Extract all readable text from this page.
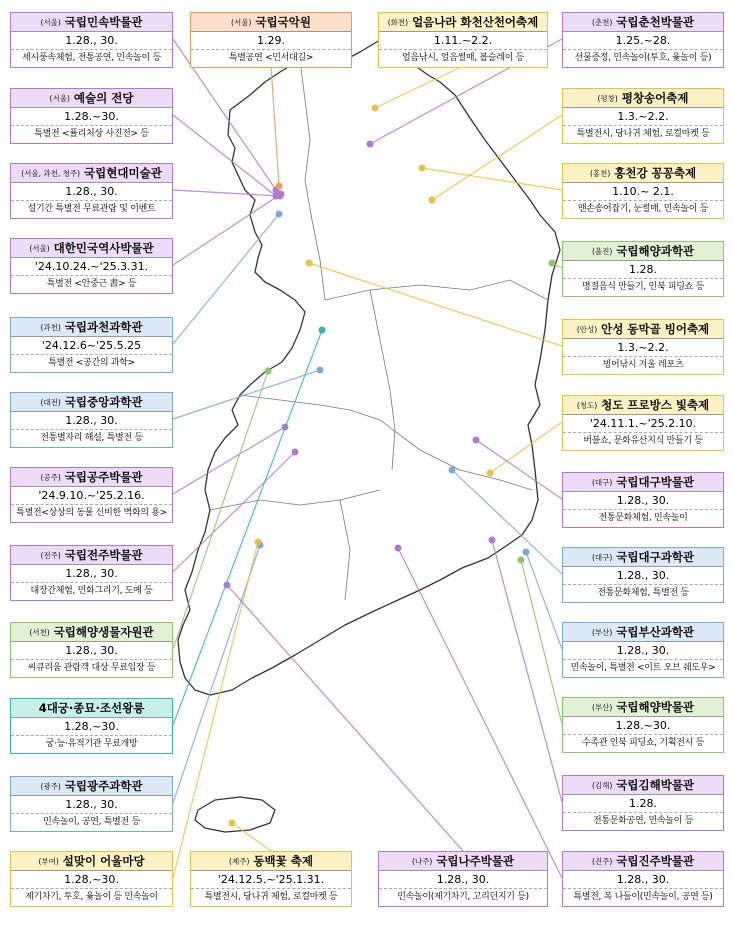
(서울) 국립민속박물관
1.28., 30.
세시풍속체험, 전통공연, 민속놀이 등
(서울) 국립국악원
1.29.
특별공연 <민서대길>
(화천) 얼음나라 화천산천어축제
1.11.~2.2.
얼음낚시, 얼음썰매, 봅슬레이 등
(춘천) 국립춘천박물관
1.25.~28.
선물증정, 민속놀이(투호, 윷놀이 등)
(서울) 예술의 전당
1.28.~30.
특별전 <퓰리처상 사진전> 등
(평창) 평창송어축제
1.3.~2.2.
특별전시, 당나귀 체험, 로컬마켓 등
(서울, 과천, 청주) 국립현대미술관
1.28., 30.
설기간 특별전 무료관람 및 이벤트
(홍천) 홍천강 꽁꽁축제
1.10.~ 2.1.
맨손송어잡기, 눈썰매, 민속놀이 등
(서울) 대한민국역사박물관
'24.10.24.~'25.3.31.
특별전 <안중근 書> 등
(울진) 국립해양과학관
1.28.
명절음식 만들기, 인북 피딩쇼 등
(과천) 국립과천과학관
'24.12.6~'25.5.25
특별전 <공간의 과학>
(안성) 안성 동막골 빙어축제
1.3.~2.2.
빙어낚시 겨울 레포츠
(대전) 국립중앙과학관
1.28., 30.
전통별자리 해설, 특별전 등
(청도) 청도 프로방스 빛축제
'24.11.1.~'25.2.10.
버블쇼, 문화유산지식 만들기 등
(공주) 국립공주박물관
'24.9.10.~'25.2.16.
특별전<상상의 동물 신비한 벽화의 용>
(대구) 국립대구박물관
1.28., 30.
전통문화체험, 민속놀이
(전주) 국립전주박물관
1.28., 30.
대장간체험, 민화그리기, 도예 등
(대구) 국립대구과학관
1.28., 30.
전통문화체험, 특별전 등
(서천) 국립해양생물자원관
1.28., 30.
씨큐리움 관람객 대상 무료입장 등
(부산) 국립부산과학관
1.28., 30.
민속놀이, 특별전 <이트 오브 쉐도우>
4대궁·종묘·조선왕릉
1.28.~30.
궁·능·유적기관 무료개방
(부산) 국립해양박물관
1.28.~30.
수족관 인북 피딩쇼, 기획전시 등
(광주) 국립광주과학관
1.28., 30.
민속놀이, 공연, 특별전 등
(김해) 국립김해박물관
1.28.
전통문화공연, 민속놀이 등
(부여) 설맞이 어울마당
1.28.~30.
제기차기, 투호, 윷놀이 등 민속놀이
(제주) 동백꽃 축제
'24.12.5.~'25.1.31.
특별전시, 당나귀 체험, 로컬마켓 등
(나주) 국립나주박물관
1.28., 30.
민속놀이(제기차기, 고리던지기 등)
(진주) 국립진주박물관
1.28., 30.
특별전, 복 나들이(민속놀이, 공연 등)
